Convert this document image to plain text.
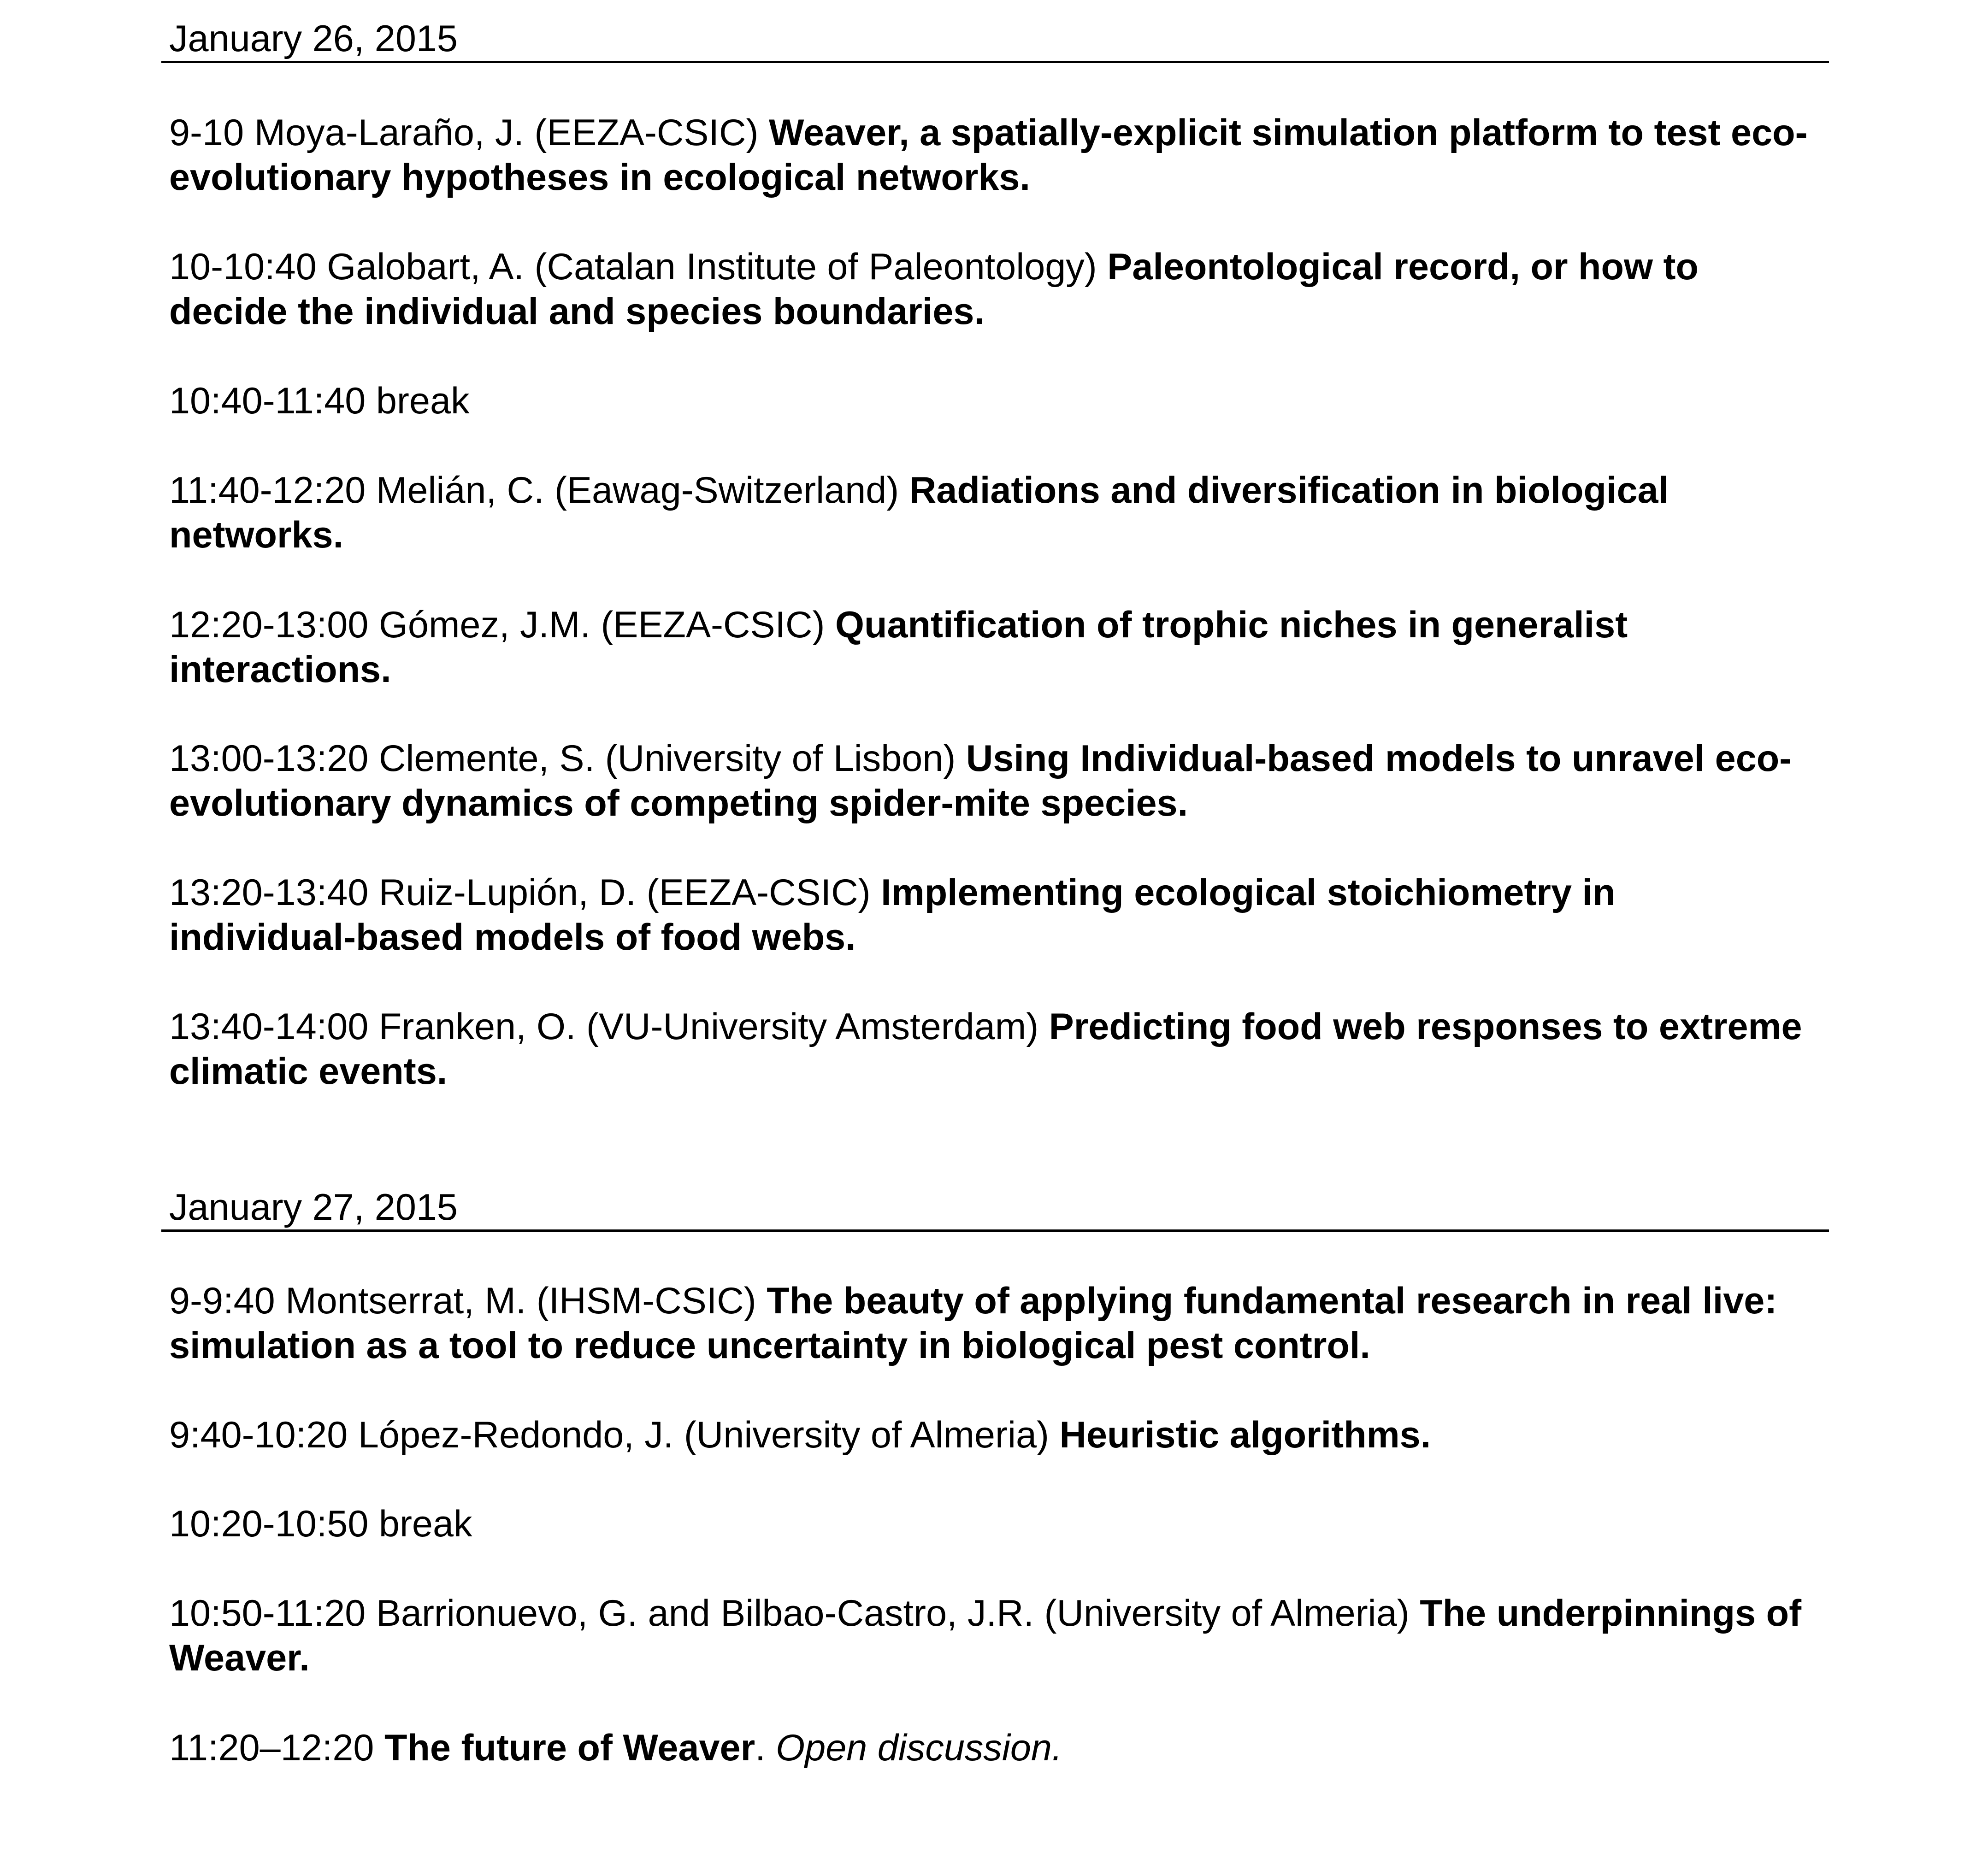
January 26, 2015
9-10 Moya-Laraño, J. (EEZA-CSIC) Weaver, a spatially-explicit simulation platform to test eco-evolutionary hypotheses in ecological networks.
10-10:40 Galobart, A. (Catalan Institute of Paleontology) Paleontological record, or how to decide the individual and species boundaries.
10:40-11:40 break
11:40-12:20 Melián, C. (Eawag-Switzerland) Radiations and diversification in biological networks.
12:20-13:00 Gómez, J.M. (EEZA-CSIC) Quantification of trophic niches in generalist interactions.
13:00-13:20 Clemente, S. (University of Lisbon) Using Individual-based models to unravel eco-evolutionary dynamics of competing spider-mite species.
13:20-13:40 Ruiz-Lupión, D. (EEZA-CSIC) Implementing ecological stoichiometry in individual-based models of food webs.
13:40-14:00 Franken, O. (VU-University Amsterdam) Predicting food web responses to extreme climatic events.
January 27, 2015
9-9:40 Montserrat, M. (IHSM-CSIC) The beauty of applying fundamental research in real live: simulation as a tool to reduce uncertainty in biological pest control.
9:40-10:20 López-Redondo, J. (University of Almeria) Heuristic algorithms.
10:20-10:50 break
10:50-11:20 Barrionuevo, G. and Bilbao-Castro, J.R. (University of Almeria) The underpinnings of Weaver.
11:20–12:20 The future of Weaver. Open discussion.
